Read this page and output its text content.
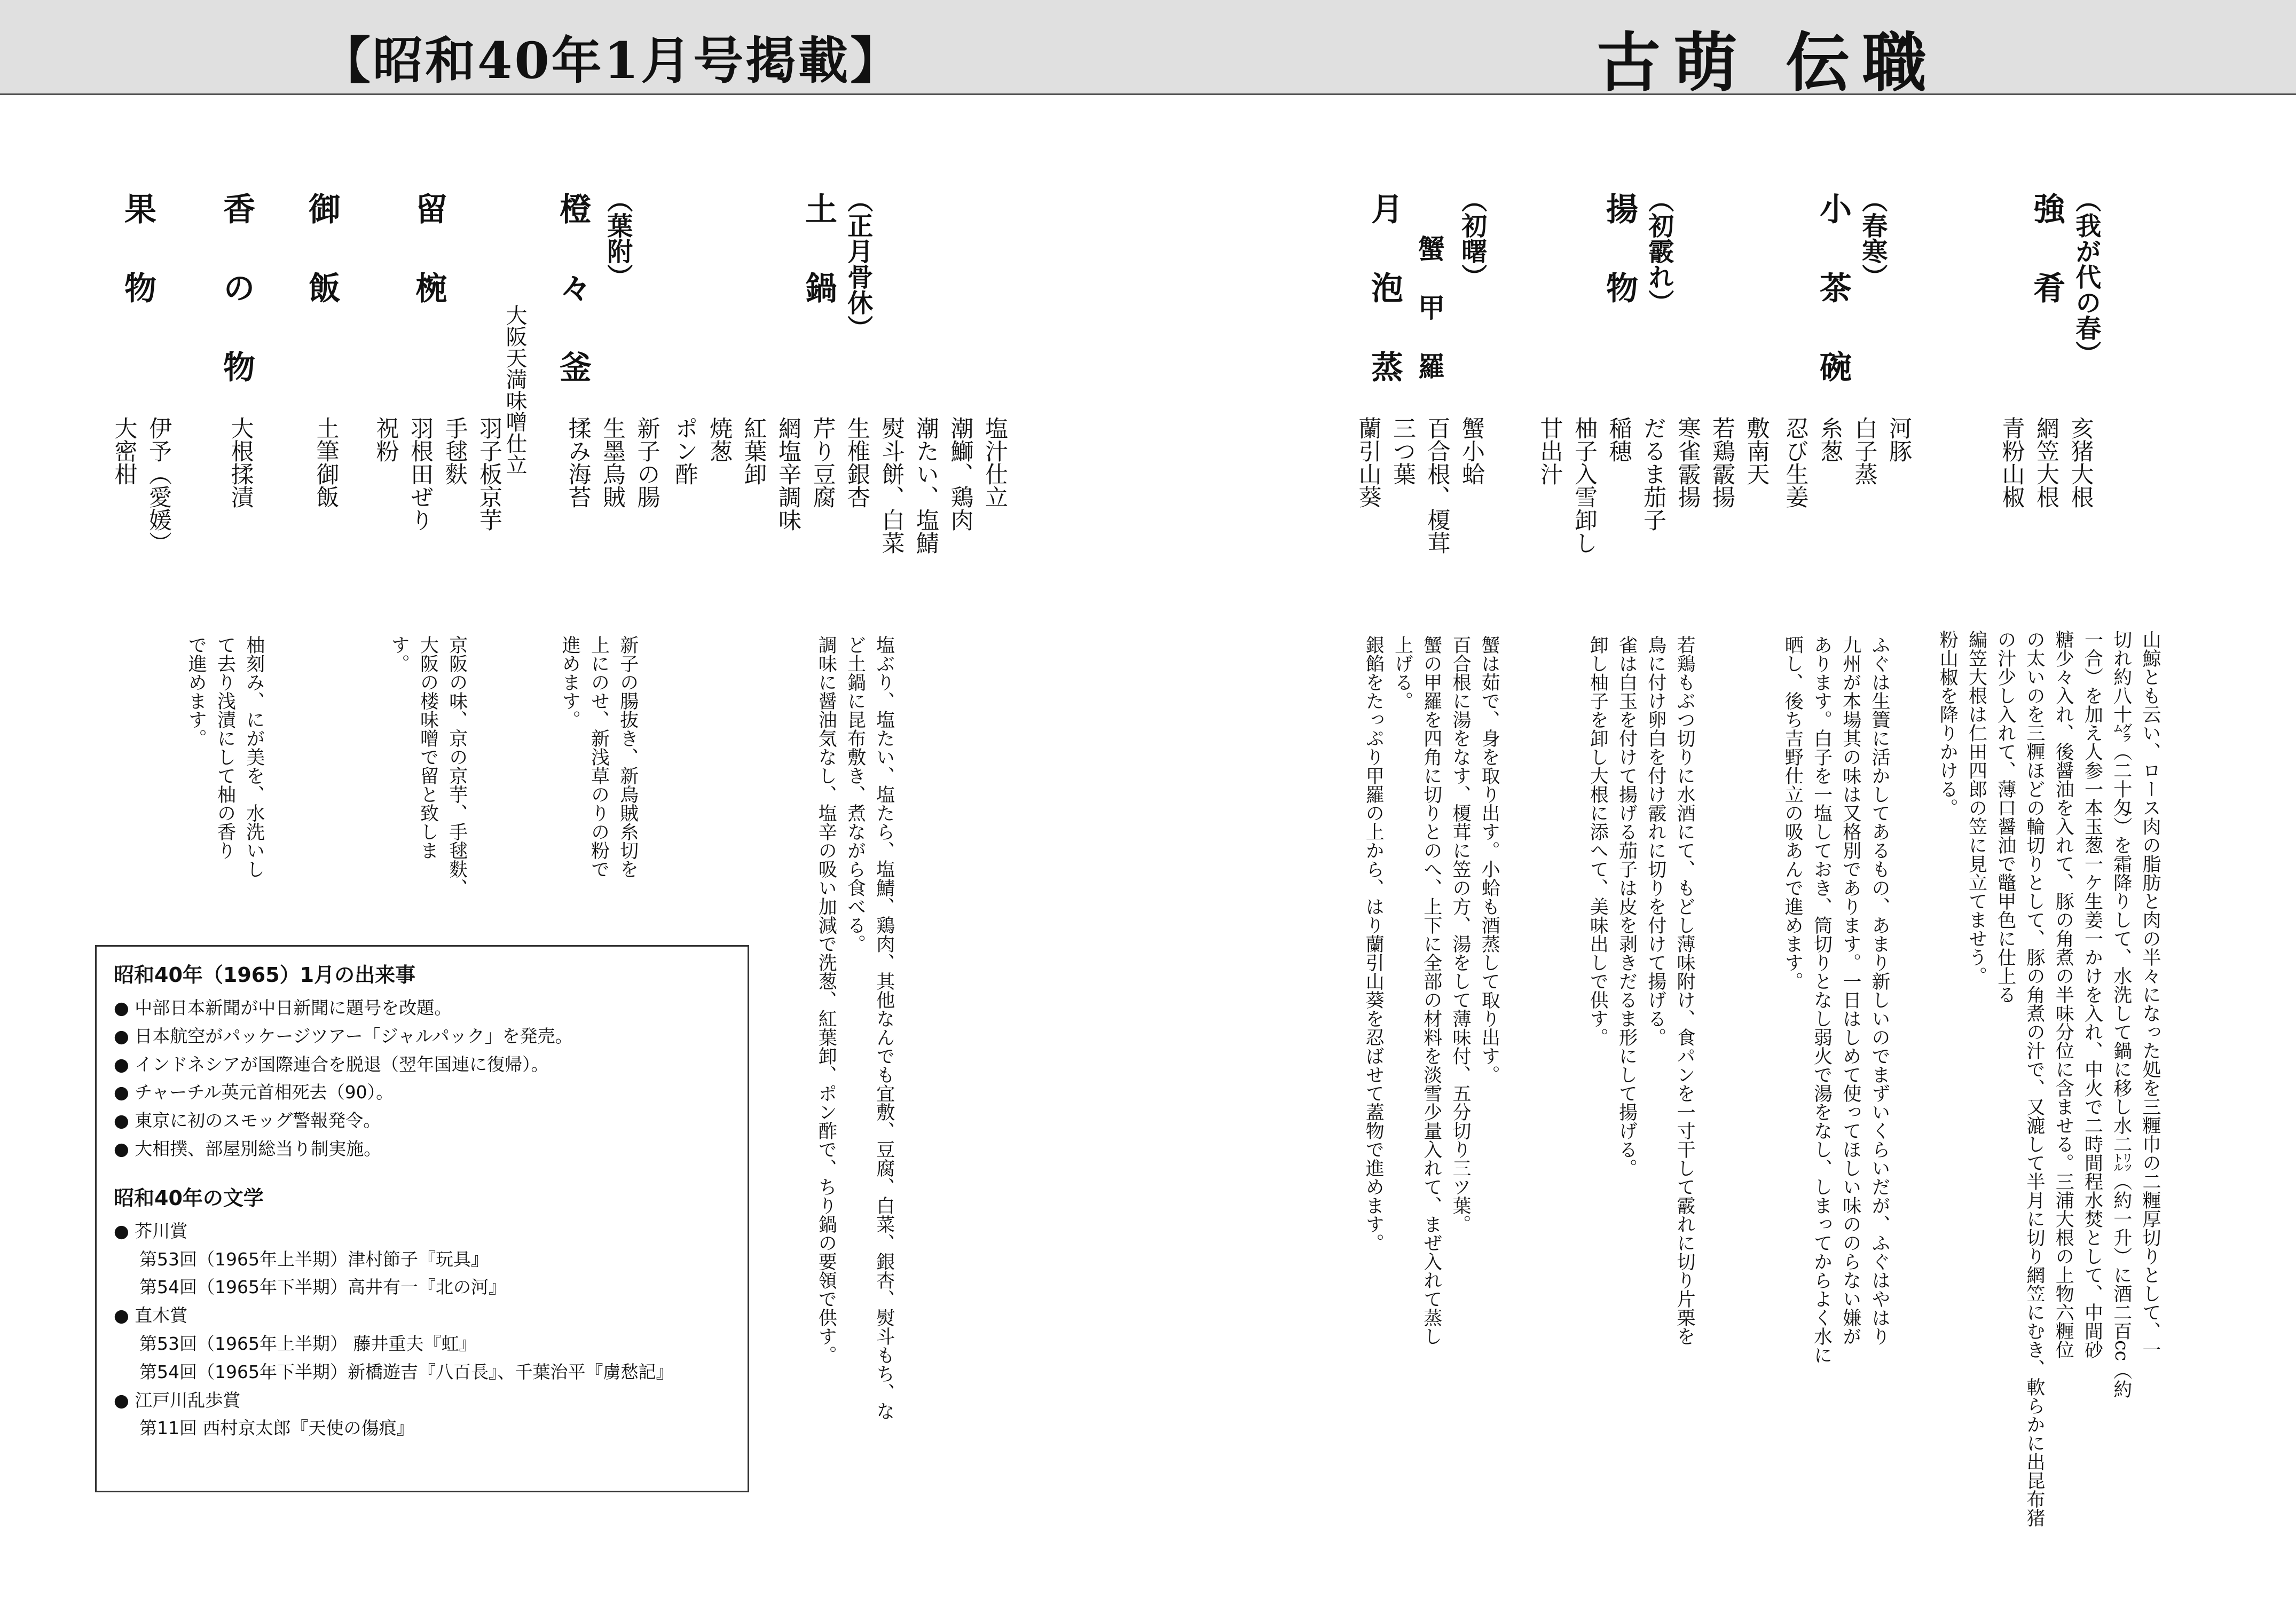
【昭和40年1月号掲載】	古萌 伝職
強肴 （我が代の春）
亥猪大根
網笠大根
青粉山椒
山鯨とも云い、ロース肉の脂肪と肉の半々になった処を三糎巾の二糎厚切りとして、一
切れ約八十㌘（二十匁）を霜降りして、水洗して鍋に移し水二㍑（約一升）に酒二百cc（約
一合）を加え人参一本玉葱一ケ生姜一かけを入れ、中火で二時間程水焚として、中間砂
糖少々入れ、後醤油を入れて、豚の角煮の半味分位に含ませる。三浦大根の上物六糎位
の太いのを三糎ほどの輪切りとして、豚の角煮の汁で、又漉して半月に切り網笠にむき、軟らかに出昆布猪
の汁少し入れて、薄口醤油で鼈甲色に仕上る
編笠大根は仁田四郎の笠に見立てませう。
粉山椒を降りかける。
小茶碗 （春寒）
河豚
白子蒸
糸葱
忍び生姜
ふぐは生簀に活かしてあるもの、あまり新しいのでまずいくらいだが、ふぐはやはり
九州が本場其の味は又格別であります。一日はしめて使ってほしい味ののらない嫌が
あります。白子を一塩しておき、筒切りとなし弱火で湯をなし、しまってからよく水に
晒し、後ち吉野仕立の吸あんで進めます。
揚物 （初霰れ）
敷南天
若鶏霰揚
寒雀霰揚
だるま茄子
稲穂
柚子入雪卸し
甘出汁
若鶏もぶつ切りに水酒にて、もどし薄味附け、食パンを一寸干して霰れに切り片栗を
鳥に付け卵白を付け霰れに切りを付けて揚げる。
雀は白玉を付けて揚げる茄子は皮を剥きだるま形にして揚げる。
卸し柚子を卸し大根に添へて、美味出しで供す。
月泡蒸 蟹甲羅 （初曙）
蟹小蛤
百合根、榎茸
三つ葉
蘭引山葵
蟹は茹で、身を取り出す。小蛤も酒蒸して取り出す。
百合根に湯をなす、榎茸に笠の方、湯をして薄味付、五分切り三ツ葉。
蟹の甲羅を四角に切りとのへ、上下に全部の材料を淡雪少量入れて、まぜ入れて蒸し
上げる。
銀餡をたっぷり甲羅の上から、はり蘭引山葵を忍ばせて蓋物で進めます。
土鍋 （正月骨休）
塩汁仕立
潮鰤、鶏肉
潮たい、塩鯖
熨斗餅、白菜
生椎銀杏
芹り豆腐
網塩辛調味
紅葉卸
焼葱
ポン酢
塩ぶり、塩たい、塩たら、塩鯖、鶏肉、其他なんでも宜敷、豆腐、白菜、銀杏、熨斗もち、な
ど土鍋に昆布敷き、煮ながら食べる。
調味に醤油気なし、塩辛の吸い加減で洗葱、紅葉卸、ポン酢で、ちり鍋の要領で供す。
橙々釜 （葉附）
新子の腸
生墨烏賊
揉み海苔
新子の腸抜き、新烏賊糸切を
上にのせ、新浅草のりの粉で
進めます。
留椀
大阪天満味噌仕立
羽子板京芋
手毬麩
羽根田ぜり
祝粉
京阪の味、京の京芋、手毬麩、
大阪の楼味噌で留と致しま
す。
御飯
土筆御飯
香の物
大根揉漬
柚刻み、にが美を、水洗いし
て去り浅漬にして柚の香り
で進めます。
果物
伊予（愛媛）
大密柑
昭和40年（1965）1月の出来事
● 中部日本新聞が中日新聞に題号を改題。
● 日本航空がパッケージツアー「ジャルパック」を発売。
● インドネシアが国際連合を脱退（翌年国連に復帰）。
● チャーチル英元首相死去（90）。
● 東京に初のスモッグ警報発令。
● 大相撲、部屋別総当り制実施。
昭和40年の文学
● 芥川賞
第53回（1965年上半期）津村節子『玩具』
第54回（1965年下半期）高井有一『北の河』
● 直木賞
第53回（1965年上半期） 藤井重夫『虹』
第54回（1965年下半期）新橋遊吉『八百長』、千葉治平『虜愁記』
● 江戸川乱歩賞
第11回 西村京太郎『天使の傷痕』
